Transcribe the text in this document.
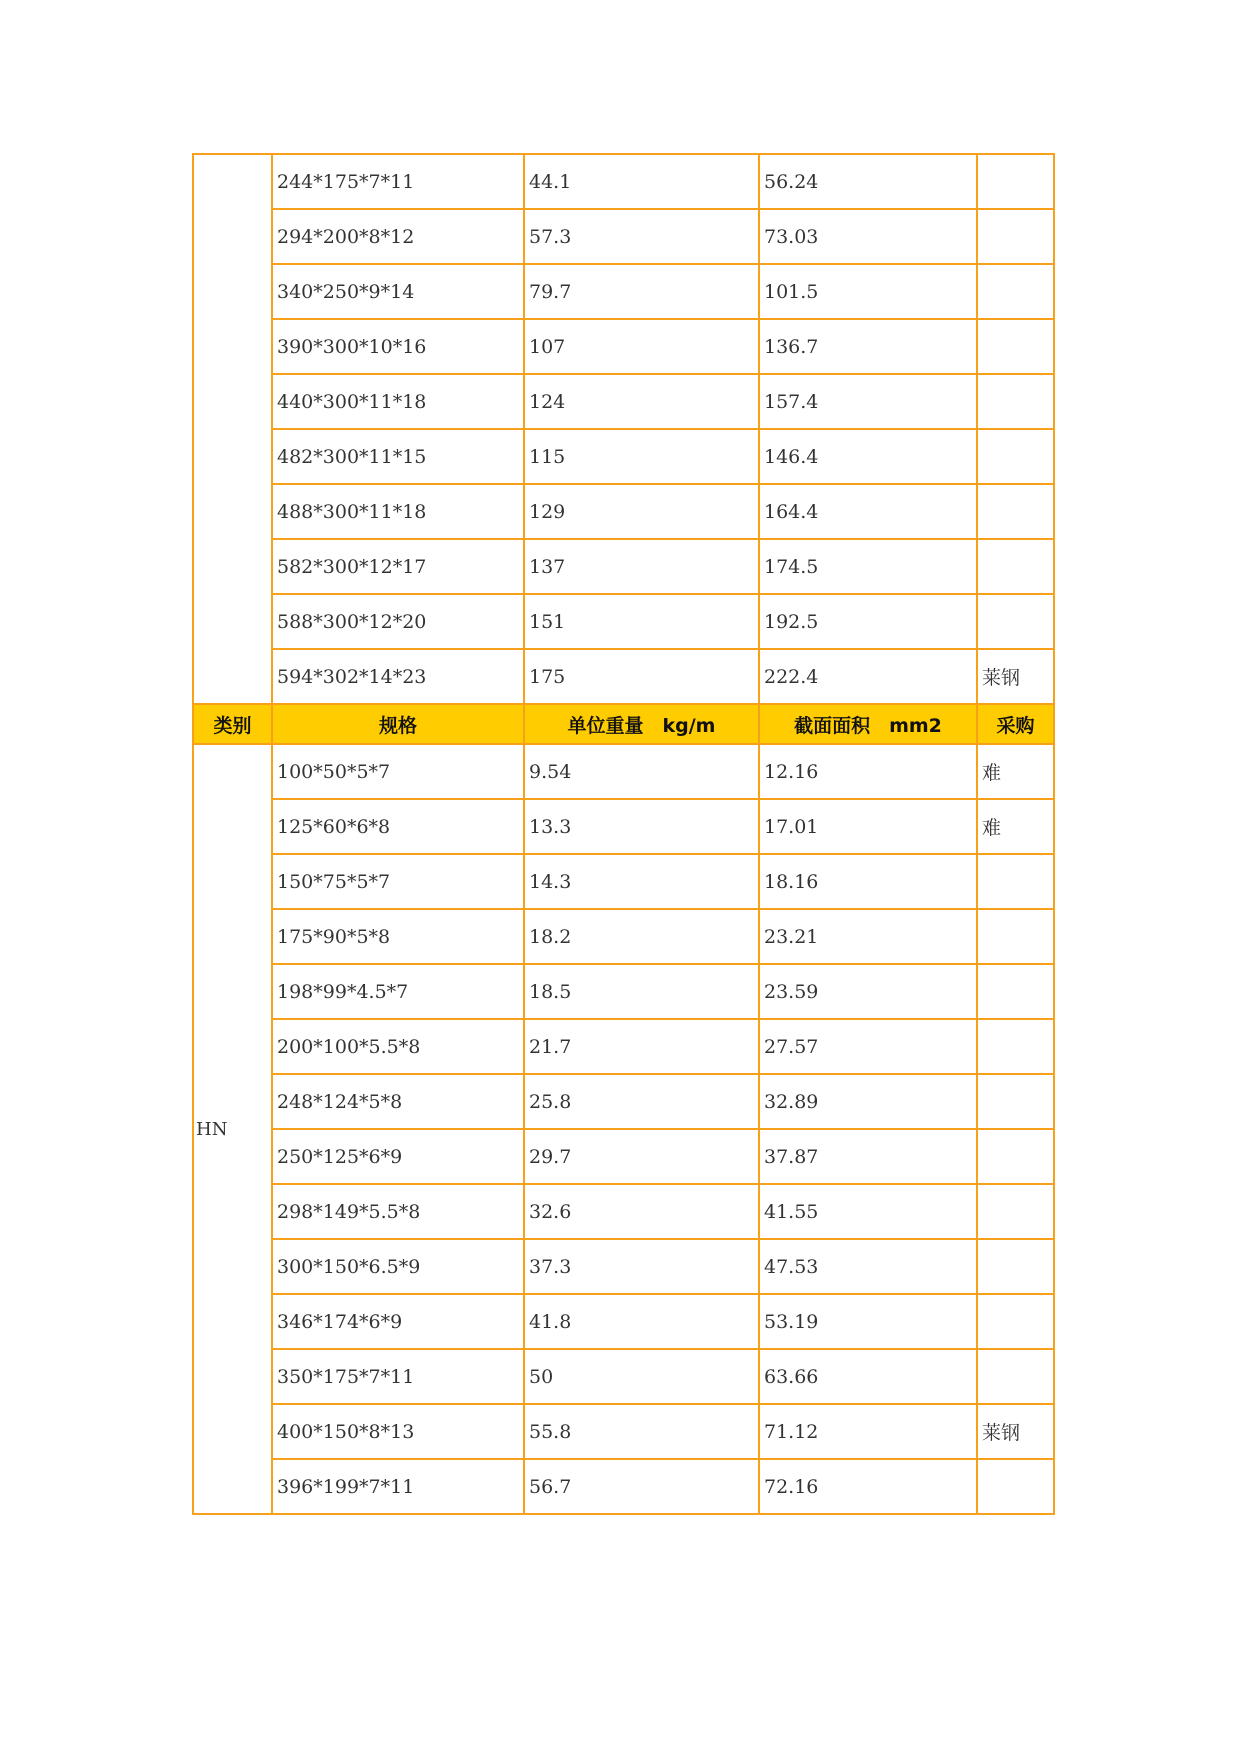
	244*175*7*11	44.1	56.24	
	294*200*8*12	57.3	73.03	
	340*250*9*14	79.7	101.5	
	390*300*10*16	107	136.7	
	440*300*11*18	124	157.4	
	482*300*11*15	115	146.4	
	488*300*11*18	129	164.4	
	582*300*12*17	137	174.5	
	588*300*12*20	151	192.5	
	594*302*14*23	175	222.4	莱钢
类别	规格	单位重量　kg/m	截面面积　mm2	采购
HN	100*50*5*7	9.54	12.16	难
	125*60*6*8	13.3	17.01	难
	150*75*5*7	14.3	18.16	
	175*90*5*8	18.2	23.21	
	198*99*4.5*7	18.5	23.59	
	200*100*5.5*8	21.7	27.57	
	248*124*5*8	25.8	32.89	
	250*125*6*9	29.7	37.87	
	298*149*5.5*8	32.6	41.55	
	300*150*6.5*9	37.3	47.53	
	346*174*6*9	41.8	53.19	
	350*175*7*11	50	63.66	
	400*150*8*13	55.8	71.12	莱钢
	396*199*7*11	56.7	72.16	
